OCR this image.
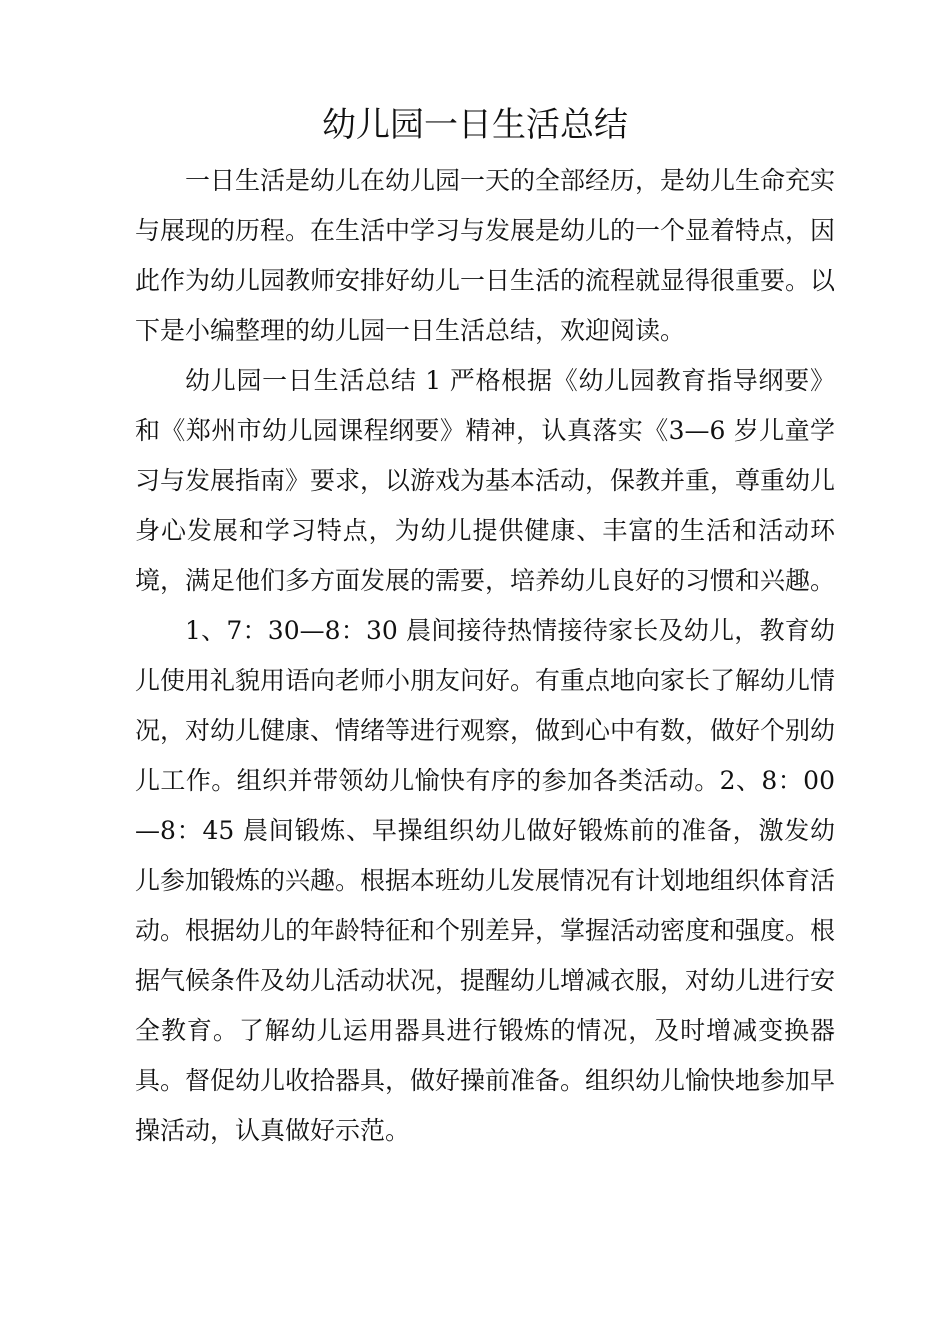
幼儿园一日生活总结

一日生活是幼儿在幼儿园一天的全部经历，是幼儿生命充实与展现的历程。在生活中学习与发展是幼儿的一个显着特点，因此作为幼儿园教师安排好幼儿一日生活的流程就显得很重要。以下是小编整理的幼儿园一日生活总结，欢迎阅读。

幼儿园一日生活总结 1 严格根据《幼儿园教育指导纲要》和《郑州市幼儿园课程纲要》精神，认真落实《3—6 岁儿童学习与发展指南》要求，以游戏为基本活动，保教并重，尊重幼儿身心发展和学习特点，为幼儿提供健康、丰富的生活和活动环境，满足他们多方面发展的需要，培养幼儿良好的习惯和兴趣。

1、7：30—8：30 晨间接待热情接待家长及幼儿，教育幼儿使用礼貌用语向老师小朋友问好。有重点地向家长了解幼儿情况，对幼儿健康、情绪等进行观察，做到心中有数，做好个别幼儿工作。组织并带领幼儿愉快有序的参加各类活动。2、8：00—8：45 晨间锻炼、早操组织幼儿做好锻炼前的准备，激发幼儿参加锻炼的兴趣。根据本班幼儿发展情况有计划地组织体育活动。根据幼儿的年龄特征和个别差异，掌握活动密度和强度。根据气候条件及幼儿活动状况，提醒幼儿增减衣服，对幼儿进行安全教育。了解幼儿运用器具进行锻炼的情况，及时增减变换器具。督促幼儿收拾器具，做好操前准备。组织幼儿愉快地参加早操活动，认真做好示范。
